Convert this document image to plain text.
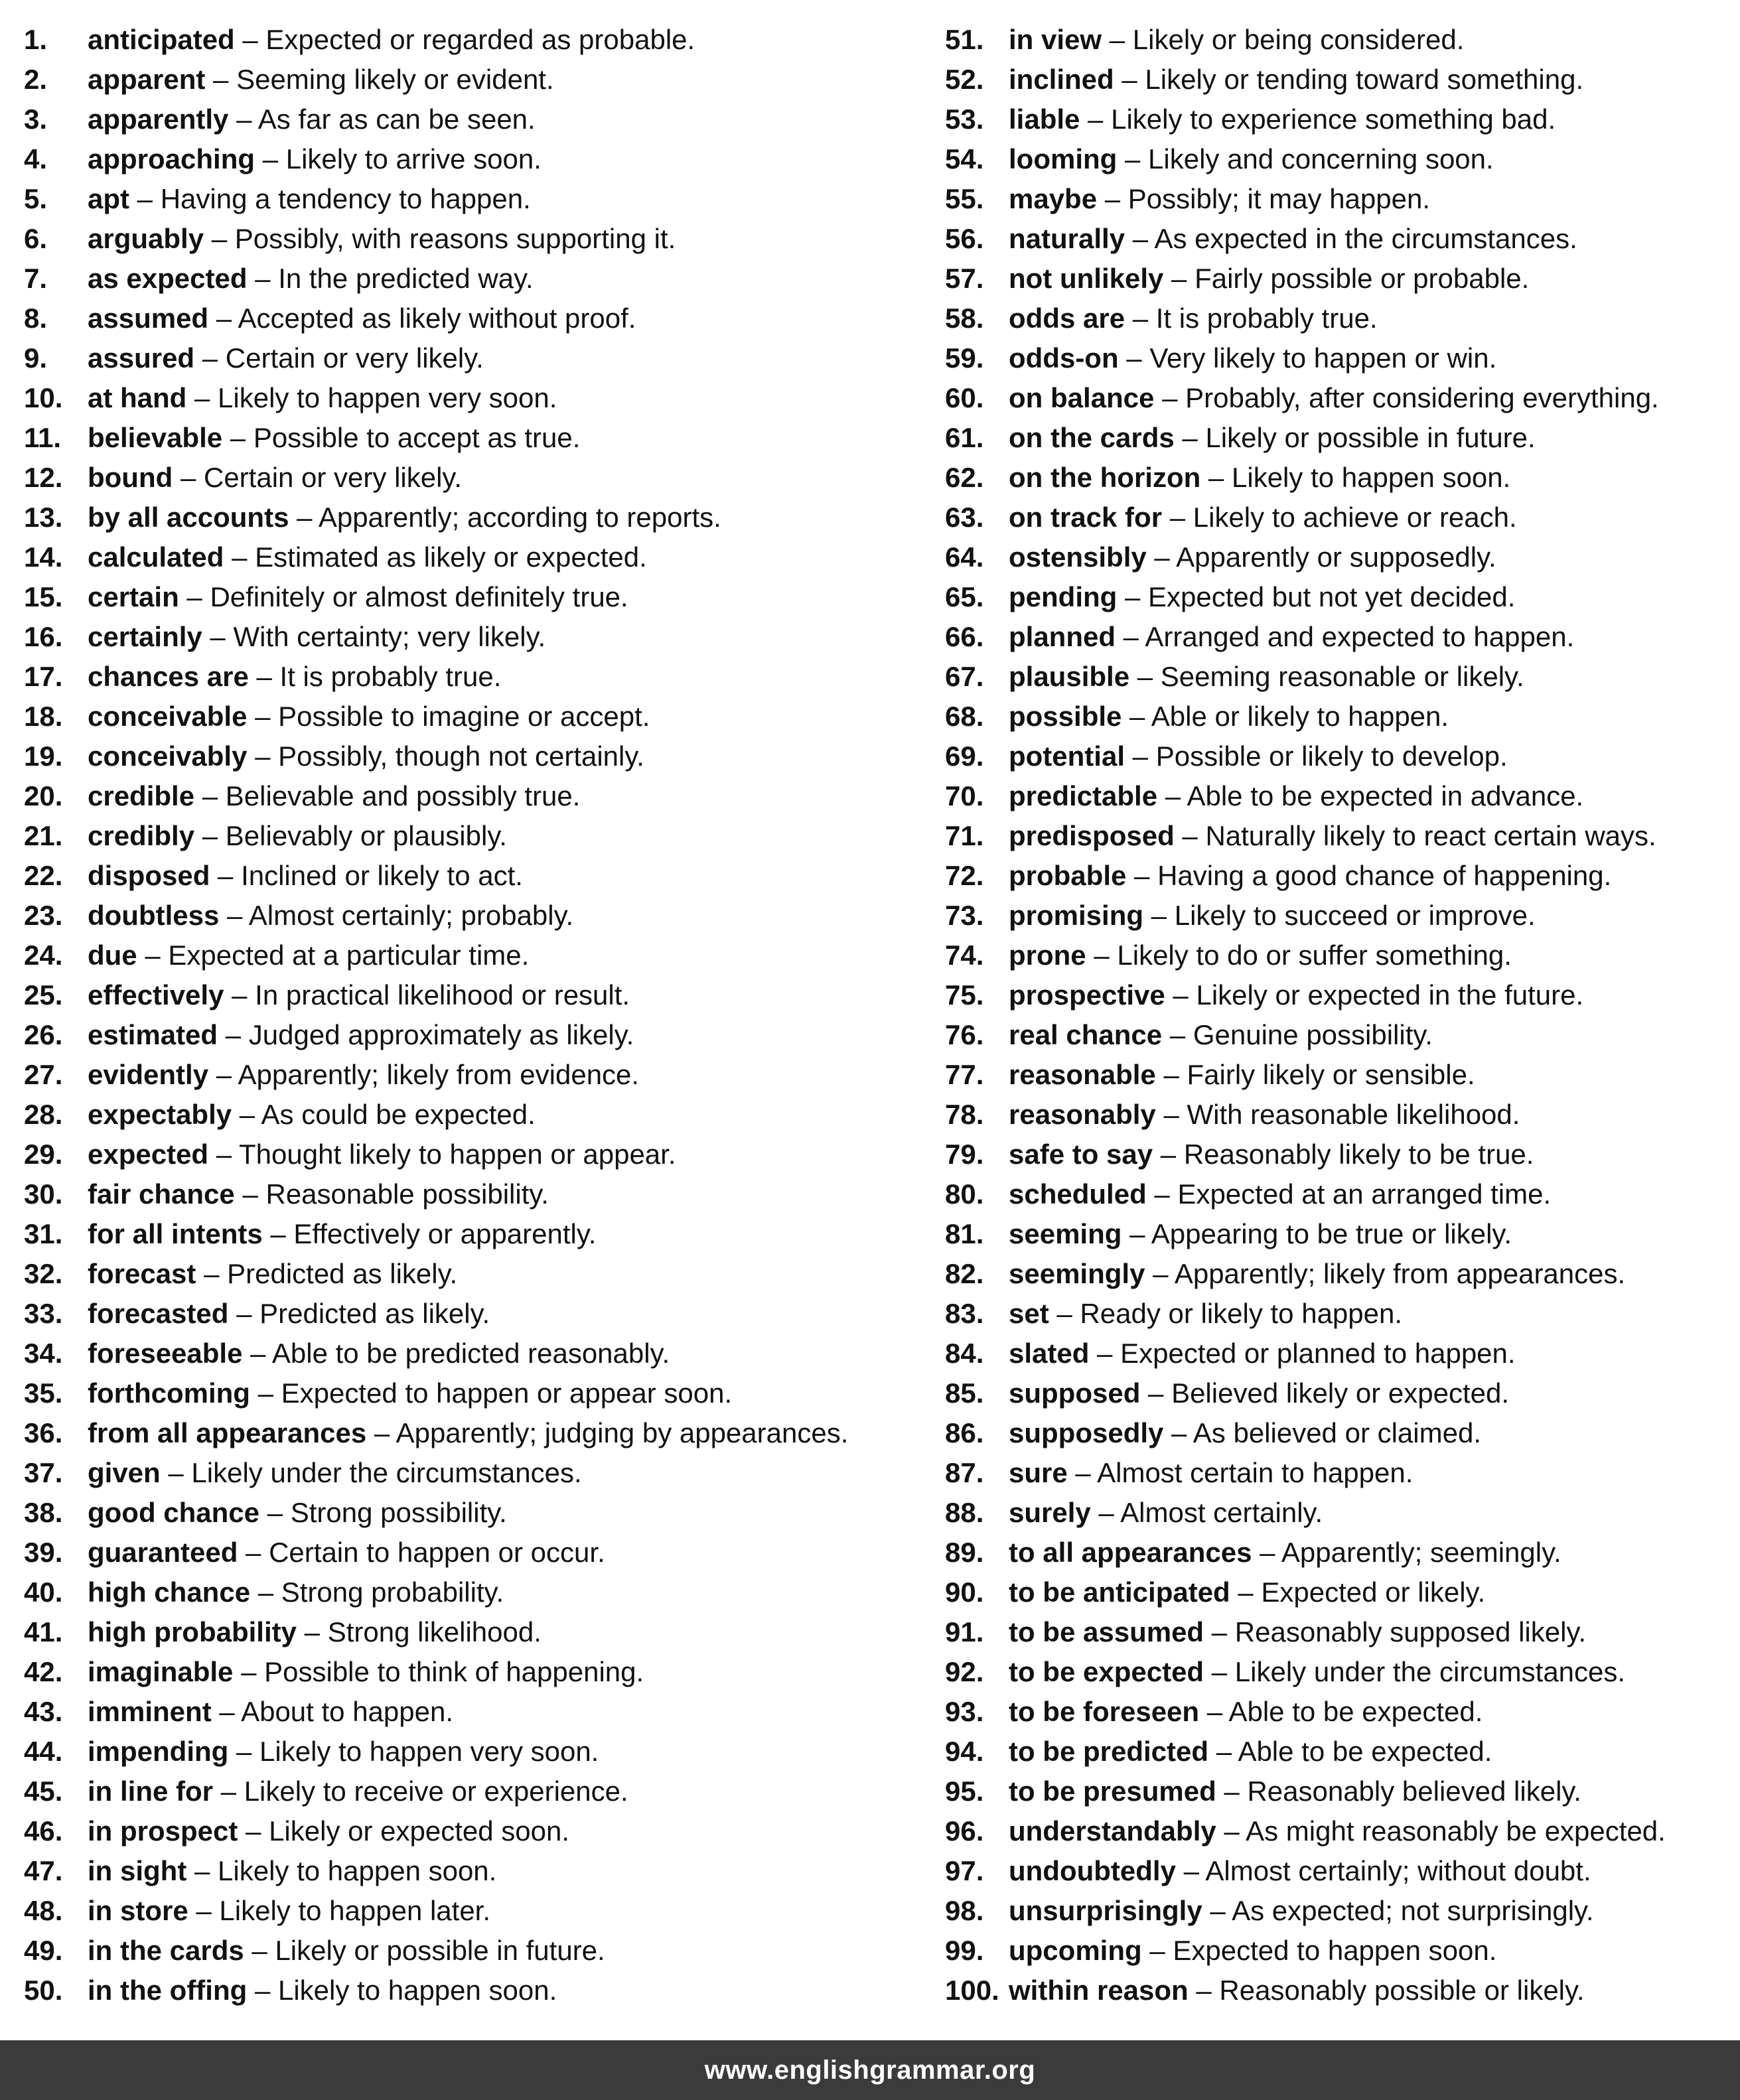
1.	anticipated – Expected or regarded as probable.
2.	apparent – Seeming likely or evident.
3.	apparently – As far as can be seen.
4.	approaching – Likely to arrive soon.
5.	apt – Having a tendency to happen.
6.	arguably – Possibly, with reasons supporting it.
7.	as expected – In the predicted way.
8.	assumed – Accepted as likely without proof.
9.	assured – Certain or very likely.
10. at hand – Likely to happen very soon.
11. believable – Possible to accept as true.
12. bound – Certain or very likely.
13. by all accounts – Apparently; according to reports.
14. calculated – Estimated as likely or expected.
15. certain – Definitely or almost definitely true.
16. certainly – With certainty; very likely.
17. chances are – It is probably true.
18. conceivable – Possible to imagine or accept.
19. conceivably – Possibly, though not certainly.
20. credible – Believable and possibly true.
21. credibly – Believably or plausibly.
22. disposed – Inclined or likely to act.
23. doubtless – Almost certainly; probably.
24. due – Expected at a particular time.
25. effectively – In practical likelihood or result.
26. estimated – Judged approximately as likely.
27. evidently – Apparently; likely from evidence.
28. expectably – As could be expected.
29. expected – Thought likely to happen or appear.
30. fair chance – Reasonable possibility.
31. for all intents – Effectively or apparently.
32. forecast – Predicted as likely.
33. forecasted – Predicted as likely.
34. foreseeable – Able to be predicted reasonably.
35. forthcoming – Expected to happen or appear soon.
36. from all appearances – Apparently; judging by appearances.
37. given – Likely under the circumstances.
38. good chance – Strong possibility.
39. guaranteed – Certain to happen or occur.
40. high chance – Strong probability.
41. high probability – Strong likelihood.
42. imaginable – Possible to think of happening.
43. imminent – About to happen.
44. impending – Likely to happen very soon.
45. in line for – Likely to receive or experience.
46. in prospect – Likely or expected soon.
47. in sight – Likely to happen soon.
48. in store – Likely to happen later.
49. in the cards – Likely or possible in future.
50. in the offing – Likely to happen soon.
51. in view – Likely or being considered.
52. inclined – Likely or tending toward something.
53. liable – Likely to experience something bad.
54. looming – Likely and concerning soon.
55. maybe – Possibly; it may happen.
56. naturally – As expected in the circumstances.
57. not unlikely – Fairly possible or probable.
58. odds are – It is probably true.
59. odds-on – Very likely to happen or win.
60. on balance – Probably, after considering everything.
61. on the cards – Likely or possible in future.
62. on the horizon – Likely to happen soon.
63. on track for – Likely to achieve or reach.
64. ostensibly – Apparently or supposedly.
65. pending – Expected but not yet decided.
66. planned – Arranged and expected to happen.
67. plausible – Seeming reasonable or likely.
68. possible – Able or likely to happen.
69. potential – Possible or likely to develop.
70. predictable – Able to be expected in advance.
71. predisposed – Naturally likely to react certain ways.
72. probable – Having a good chance of happening.
73. promising – Likely to succeed or improve.
74. prone – Likely to do or suffer something.
75. prospective – Likely or expected in the future.
76. real chance – Genuine possibility.
77. reasonable – Fairly likely or sensible.
78. reasonably – With reasonable likelihood.
79. safe to say – Reasonably likely to be true.
80. scheduled – Expected at an arranged time.
81. seeming – Appearing to be true or likely.
82. seemingly – Apparently; likely from appearances.
83. set – Ready or likely to happen.
84. slated – Expected or planned to happen.
85. supposed – Believed likely or expected.
86. supposedly – As believed or claimed.
87. sure – Almost certain to happen.
88. surely – Almost certainly.
89. to all appearances – Apparently; seemingly.
90. to be anticipated – Expected or likely.
91. to be assumed – Reasonably supposed likely.
92. to be expected – Likely under the circumstances.
93. to be foreseen – Able to be expected.
94. to be predicted – Able to be expected.
95. to be presumed – Reasonably believed likely.
96. understandably – As might reasonably be expected.
97. undoubtedly – Almost certainly; without doubt.
98. unsurprisingly – As expected; not surprisingly.
99. upcoming – Expected to happen soon.
100. within reason – Reasonably possible or likely.
www.englishgrammar.org
